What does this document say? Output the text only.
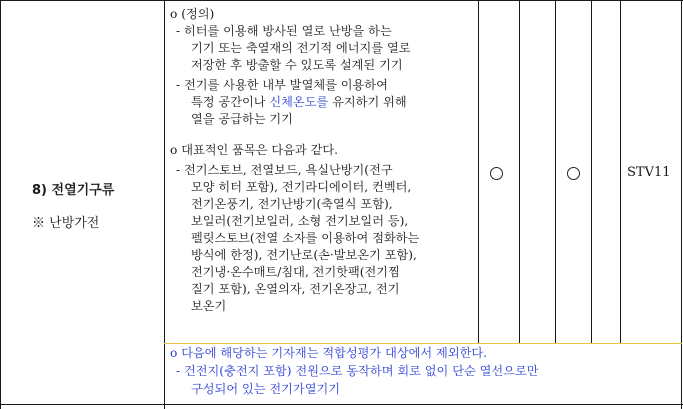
8) 전열기구류
※ 난방가전
o (정의)
- 히터를 이용해 방사된 열로 난방을 하는
기기 또는 축열재의 전기적 에너지를 열로
저장한 후 방출할 수 있도록 설계된 기기
- 전기를 사용한 내부 발열체를 이용하여
특정 공간이나 신체온도를 유지하기 위해
열을 공급하는 기기
o 대표적인 품목은 다음과 같다.
- 전기스토브, 전열보드, 욕실난방기(전구
모양 히터 포함), 전기라디에이터, 컨벡터,
전기온풍기, 전기난방기(축열식 포함),
보일러(전기보일러, 소형 전기보일러 등),
펠릿스토브(전열 소자를 이용하여 점화하는
방식에 한정), 전기난로(손·발보온기 포함),
전기냉·온수매트/침대, 전기핫팩(전기찜
질기 포함), 온열의자, 전기온장고, 전기
보온기
STV11
o 다음에 해당하는 기자재는 적합성평가 대상에서 제외한다.
- 건전지(충전지 포함) 전원으로 동작하며 회로 없이 단순 열선으로만
구성되어 있는 전기가열기기
